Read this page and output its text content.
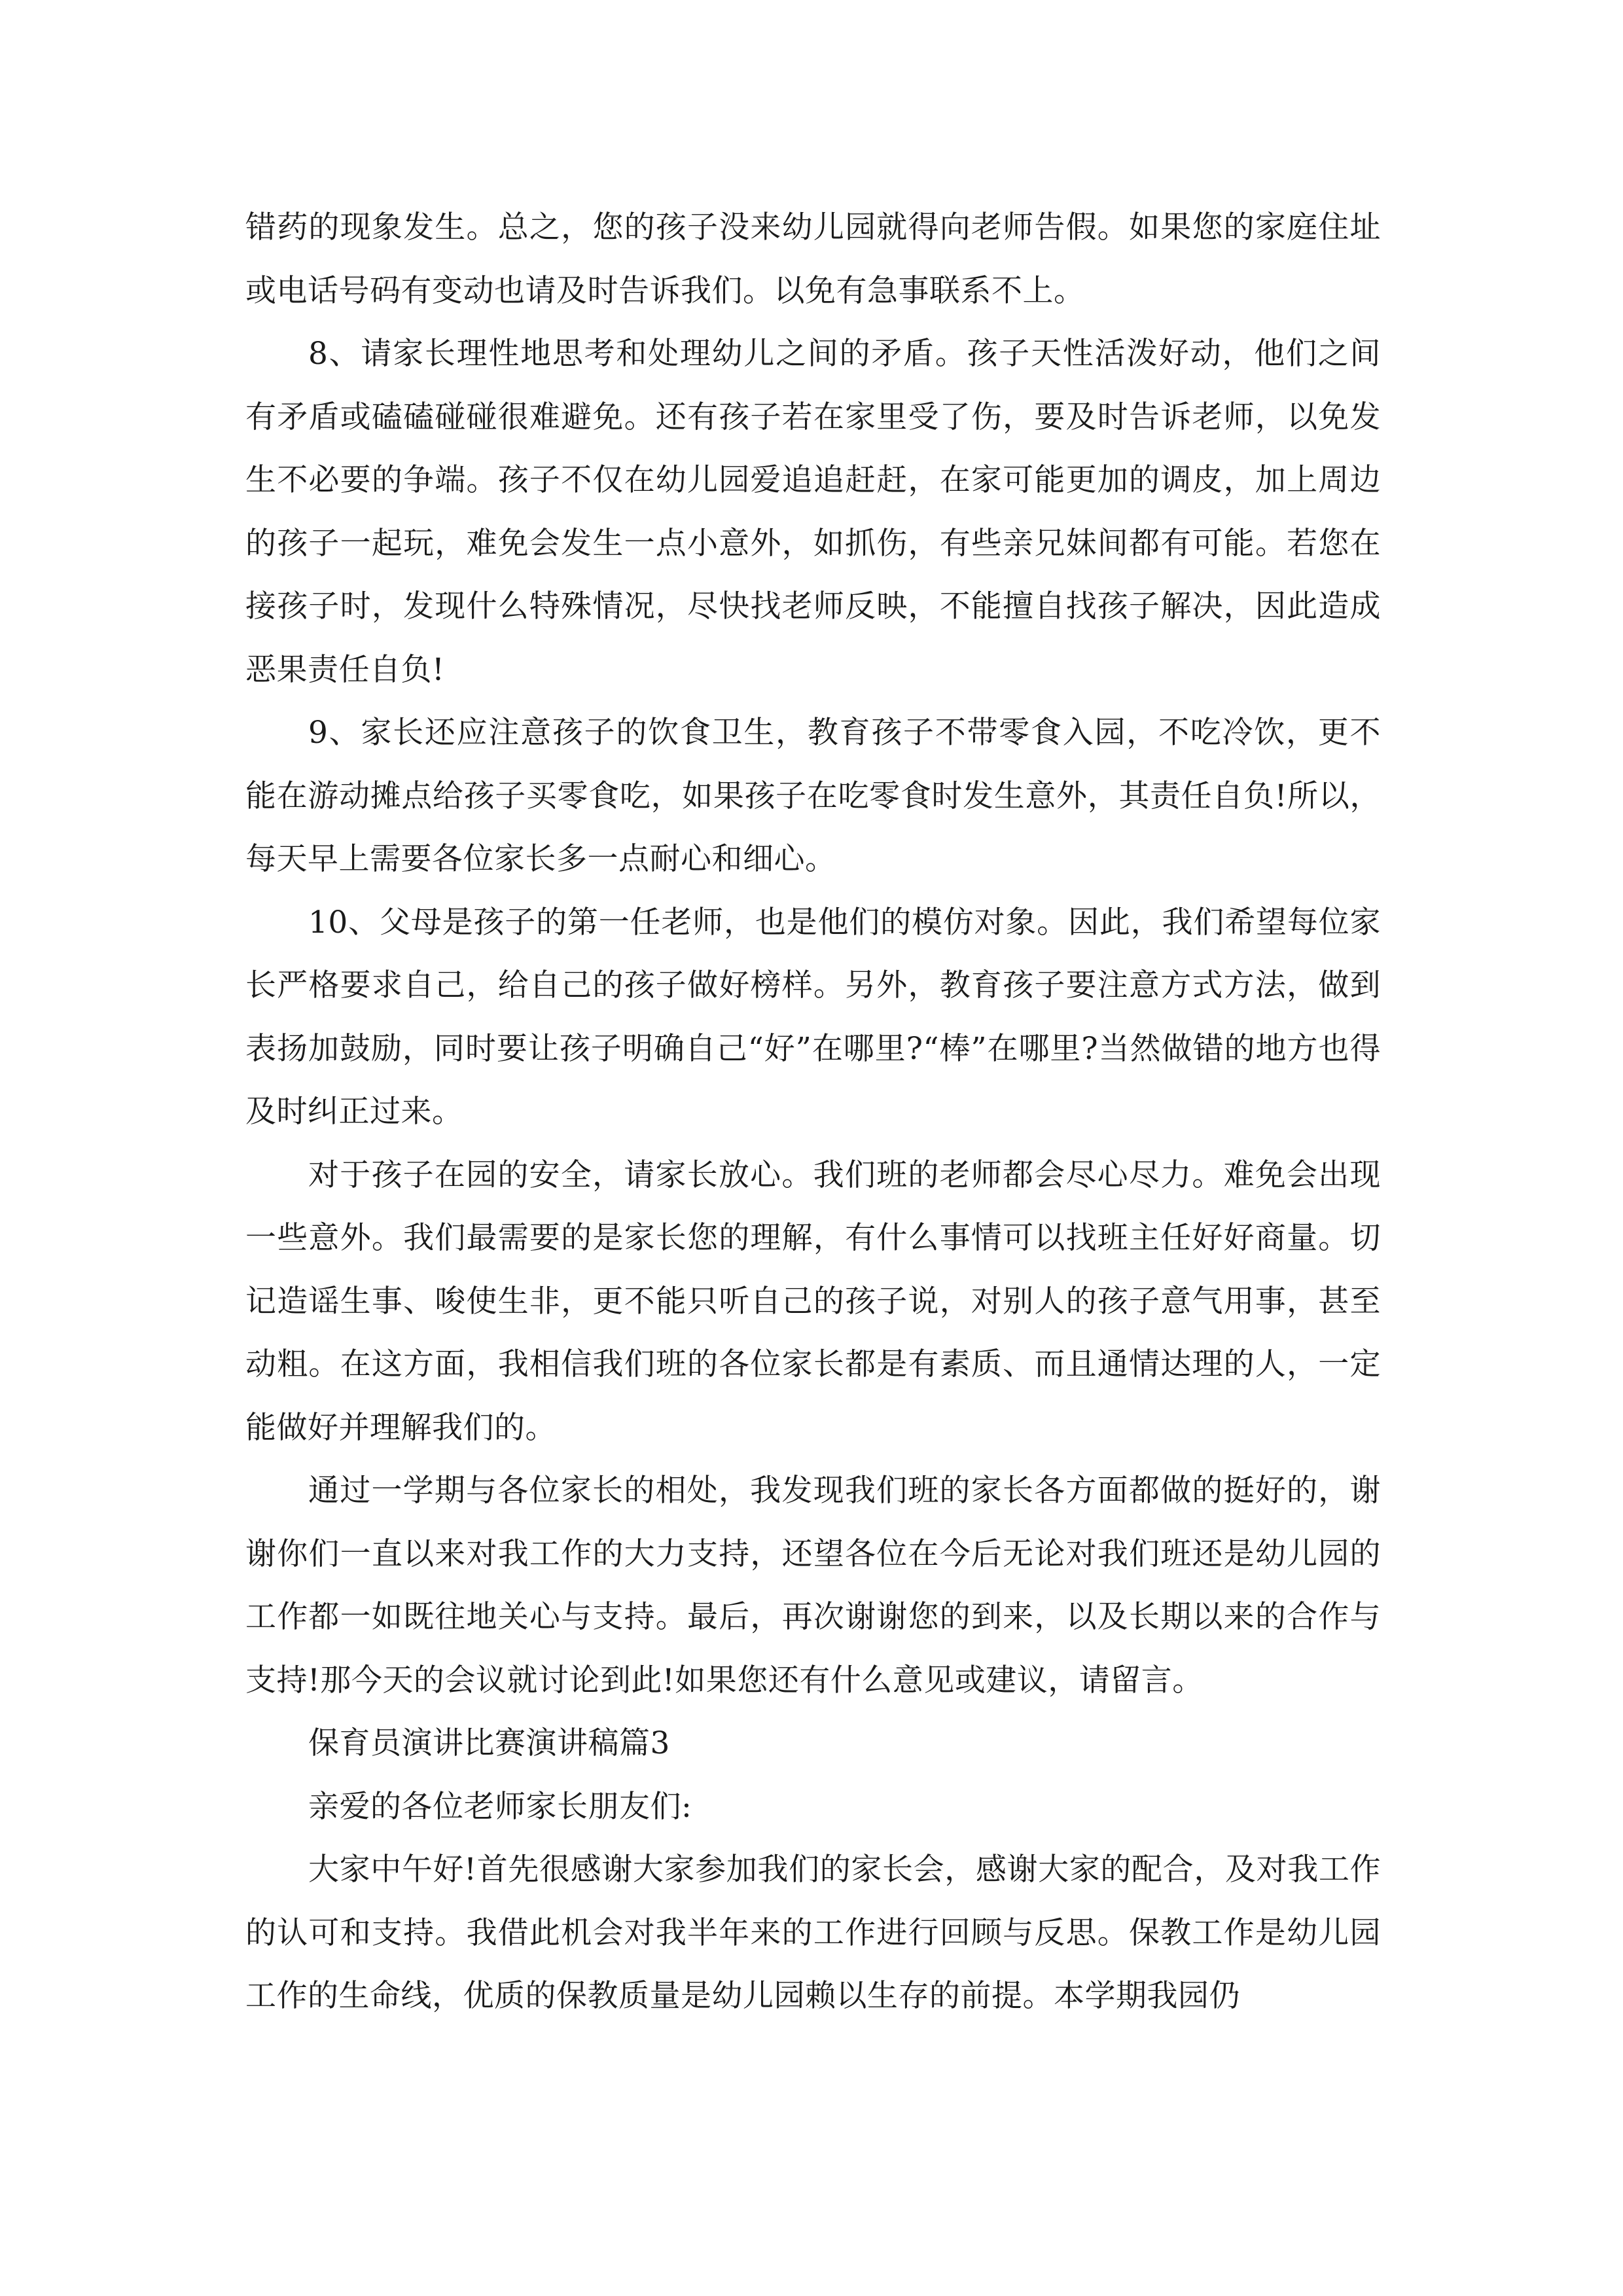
错药的现象发生。总之，您的孩子没来幼儿园就得向老师告假。如果您的家庭住址或电话号码有变动也请及时告诉我们。以免有急事联系不上。

8、请家长理性地思考和处理幼儿之间的矛盾。孩子天性活泼好动，他们之间有矛盾或磕磕碰碰很难避免。还有孩子若在家里受了伤，要及时告诉老师，以免发生不必要的争端。孩子不仅在幼儿园爱追追赶赶，在家可能更加的调皮，加上周边的孩子一起玩，难免会发生一点小意外，如抓伤，有些亲兄妹间都有可能。若您在接孩子时，发现什么特殊情况，尽快找老师反映，不能擅自找孩子解决，因此造成恶果责任自负!

9、家长还应注意孩子的饮食卫生，教育孩子不带零食入园，不吃冷饮，更不能在游动摊点给孩子买零食吃，如果孩子在吃零食时发生意外，其责任自负!所以，每天早上需要各位家长多一点耐心和细心。

10、父母是孩子的第一任老师，也是他们的模仿对象。因此，我们希望每位家长严格要求自己，给自己的孩子做好榜样。另外，教育孩子要注意方式方法，做到表扬加鼓励，同时要让孩子明确自己“好”在哪里?“棒”在哪里?当然做错的地方也得及时纠正过来。

对于孩子在园的安全，请家长放心。我们班的老师都会尽心尽力。难免会出现一些意外。我们最需要的是家长您的理解，有什么事情可以找班主任好好商量。切记造谣生事、唆使生非，更不能只听自己的孩子说，对别人的孩子意气用事，甚至动粗。在这方面，我相信我们班的各位家长都是有素质、而且通情达理的人，一定能做好并理解我们的。

通过一学期与各位家长的相处，我发现我们班的家长各方面都做的挺好的，谢谢你们一直以来对我工作的大力支持，还望各位在今后无论对我们班还是幼儿园的工作都一如既往地关心与支持。最后，再次谢谢您的到来，以及长期以来的合作与支持!那今天的会议就讨论到此!如果您还有什么意见或建议，请留言。

保育员演讲比赛演讲稿篇3

亲爱的各位老师家长朋友们:

大家中午好!首先很感谢大家参加我们的家长会，感谢大家的配合，及对我工作的认可和支持。我借此机会对我半年来的工作进行回顾与反思。保教工作是幼儿园工作的生命线，优质的保教质量是幼儿园赖以生存的前提。本学期我园仍
